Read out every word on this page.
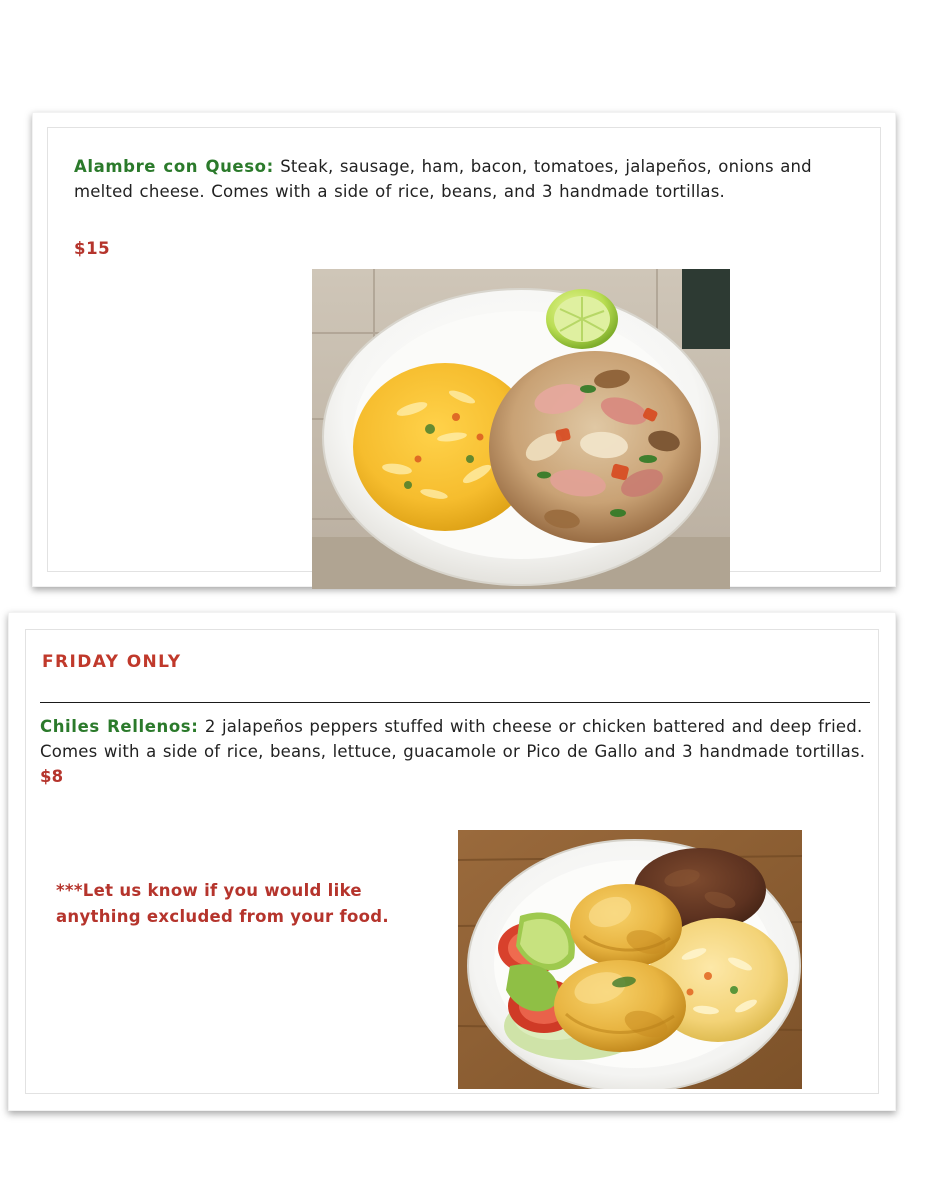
Alambre con Queso: Steak, sausage, ham, bacon, tomatoes, jalapeños, onions and melted cheese. Comes with a side of rice, beans, and 3 handmade tortillas.
$15
FRIDAY ONLY
Chiles Rellenos: 2 jalapeños peppers stuffed with cheese or chicken battered and deep fried. Comes with a side of rice, beans, lettuce, guacamole or Pico de Gallo and 3 handmade tortillas. $8
***Let us know if you would like anything excluded from your food.
